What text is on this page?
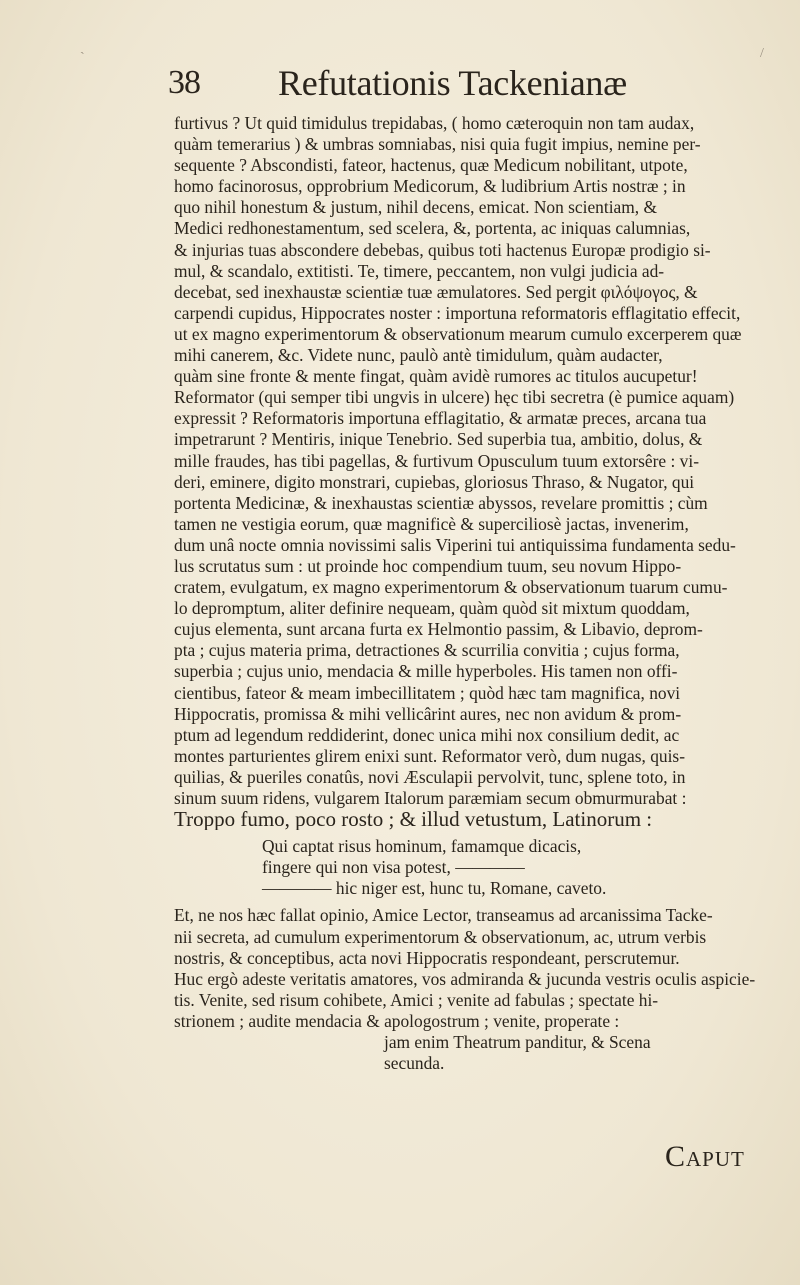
ˎ	/
38 Refutationis Tackenianæ
furtivus ? Ut quid timidulus trepidabas, ( homo cæteroquin non tam audax,
quàm temerarius ) & umbras somniabas, nisi quia fugit impius, nemine per-
sequente ? Abscondisti, fateor, hactenus, quæ Medicum nobilitant, utpote,
homo facinorosus, opprobrium Medicorum, & ludibrium Artis nostræ ; in
quo nihil honestum & justum, nihil decens, emicat. Non scientiam, &
Medici redhonestamentum, sed scelera, &, portenta, ac iniquas calumnias,
& injurias tuas abscondere debebas, quibus toti hactenus Europæ prodigio si-
mul, & scandalo, extitisti. Te, timere, peccantem, non vulgi judicia ad-
decebat, sed inexhaustæ scientiæ tuæ æmulatores. Sed pergit φιλόψογος, &
carpendi cupidus, Hippocrates noster : importuna reformatoris efflagitatio effecit,
ut ex magno experimentorum & observationum mearum cumulo excerperem quæ
mihi canerem, &c. Videte nunc, paulò antè timidulum, quàm audacter,
quàm sine fronte & mente fingat, quàm avidè rumores ac titulos aucupetur!
Reformator (qui semper tibi ungvis in ulcere) hęc tibi secretra (è pumice aquam)
expressit ? Reformatoris importuna efflagitatio, & armatæ preces, arcana tua
impetrarunt ? Mentiris, inique Tenebrio. Sed superbia tua, ambitio, dolus, &
mille fraudes, has tibi pagellas, & furtivum Opusculum tuum extorsêre : vi-
deri, eminere, digito monstrari, cupiebas, gloriosus Thraso, & Nugator, qui
portenta Medicinæ, & inexhaustas scientiæ abyssos, revelare promittis ; cùm
tamen ne vestigia eorum, quæ magnificè & superciliosè jactas, invenerim,
dum unâ nocte omnia novissimi salis Viperini tui antiquissima fundamenta sedu-
lus scrutatus sum : ut proinde hoc compendium tuum, seu novum Hippo-
cratem, evulgatum, ex magno experimentorum & observationum tuarum cumu-
lo depromptum, aliter definire nequeam, quàm quòd sit mixtum quoddam,
cujus elementa, sunt arcana furta ex Helmontio passim, & Libavio, deprom-
pta ; cujus materia prima, detractiones & scurrilia convitia ; cujus forma,
superbia ; cujus unio, mendacia & mille hyperboles. His tamen non offi-
cientibus, fateor & meam imbecillitatem ; quòd hæc tam magnifica, novi
Hippocratis, promissa & mihi vellicârint aures, nec non avidum & prom-
ptum ad legendum reddiderint, donec unica mihi nox consilium dedit, ac
montes parturientes glirem enixi sunt. Reformator verò, dum nugas, quis-
quilias, & pueriles conatûs, novi Æsculapii pervolvit, tunc, splene toto, in
sinum suum ridens, vulgarem Italorum paræmiam secum obmurmurabat :
Troppo fumo, poco rosto ; & illud vetustum, Latinorum :
Qui captat risus hominum, famamque dicacis,
fingere qui non visa potest, ————
———— hic niger est, hunc tu, Romane, caveto.
Et, ne nos hæc fallat opinio, Amice Lector, transeamus ad arcanissima Tacke-
nii secreta, ad cumulum experimentorum & observationum, ac, utrum verbis
nostris, & conceptibus, acta novi Hippocratis respondeant, perscrutemur.
Huc ergò adeste veritatis amatores, vos admiranda & jucunda vestris oculis aspicie-
tis. Venite, sed risum cohibete, Amici ; venite ad fabulas ; spectate hi-
strionem ; audite mendacia & apologostrum ; venite, properate :
jam enim Theatrum panditur, & Scena
secunda.
Caput
